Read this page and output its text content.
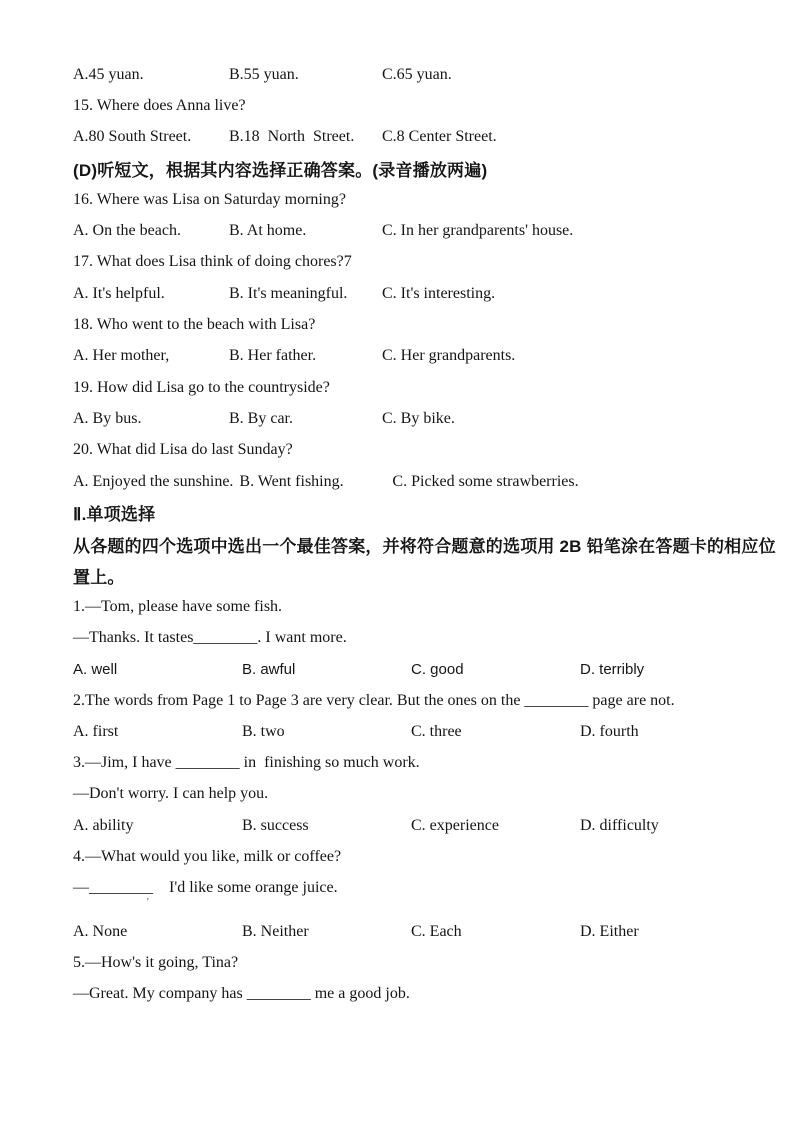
A.45 yuan.	B.55 yuan.	C.65 yuan.
15. Where does Anna live?
A.80 South Street.	B.18  North  Street.	C.8 Center Street.
(D)听短文，根据其内容选择正确答案。(录音播放两遍)
16. Where was Lisa on Saturday morning?
A. On the beach.	B. At home.	C. In her grandparents' house.
17. What does Lisa think of doing chores?7
A. It's helpful.	B. It's meaningful.	C. It's interesting.
18. Who went to the beach with Lisa?
A. Her mother,	B. Her father.	C. Her grandparents.
19. How did Lisa go to the countryside?
A. By bus.	B. By car.	C. By bike.
20. What did Lisa do last Sunday?
A. Enjoyed the sunshine. B. Went fishing.	C. Picked some strawberries.
Ⅱ.单项选择
从各题的四个选项中选出一个最佳答案，并将符合题意的选项用 2B 铅笔涂在答题卡的相应位
置上。
1.—Tom, please have some fish.
—Thanks. It tastes________. I want more.
A. well	B. awful	C. good	D. terribly
2.The words from Page 1 to Page 3 are very clear. But the ones on the ________ page are not.
A. first	B. two	C. three	D. fourth
3.—Jim, I have ________ in  finishing so much work.
—Don't worry. I can help you.
A. ability	B. success	C. experience	D. difficulty
4.—What would you like, milk or coffee?
—________    I'd like some orange juice.
'
A. None	B. Neither	C. Each	D. Either
5.—How's it going, Tina?
—Great. My company has ________ me a good job.
